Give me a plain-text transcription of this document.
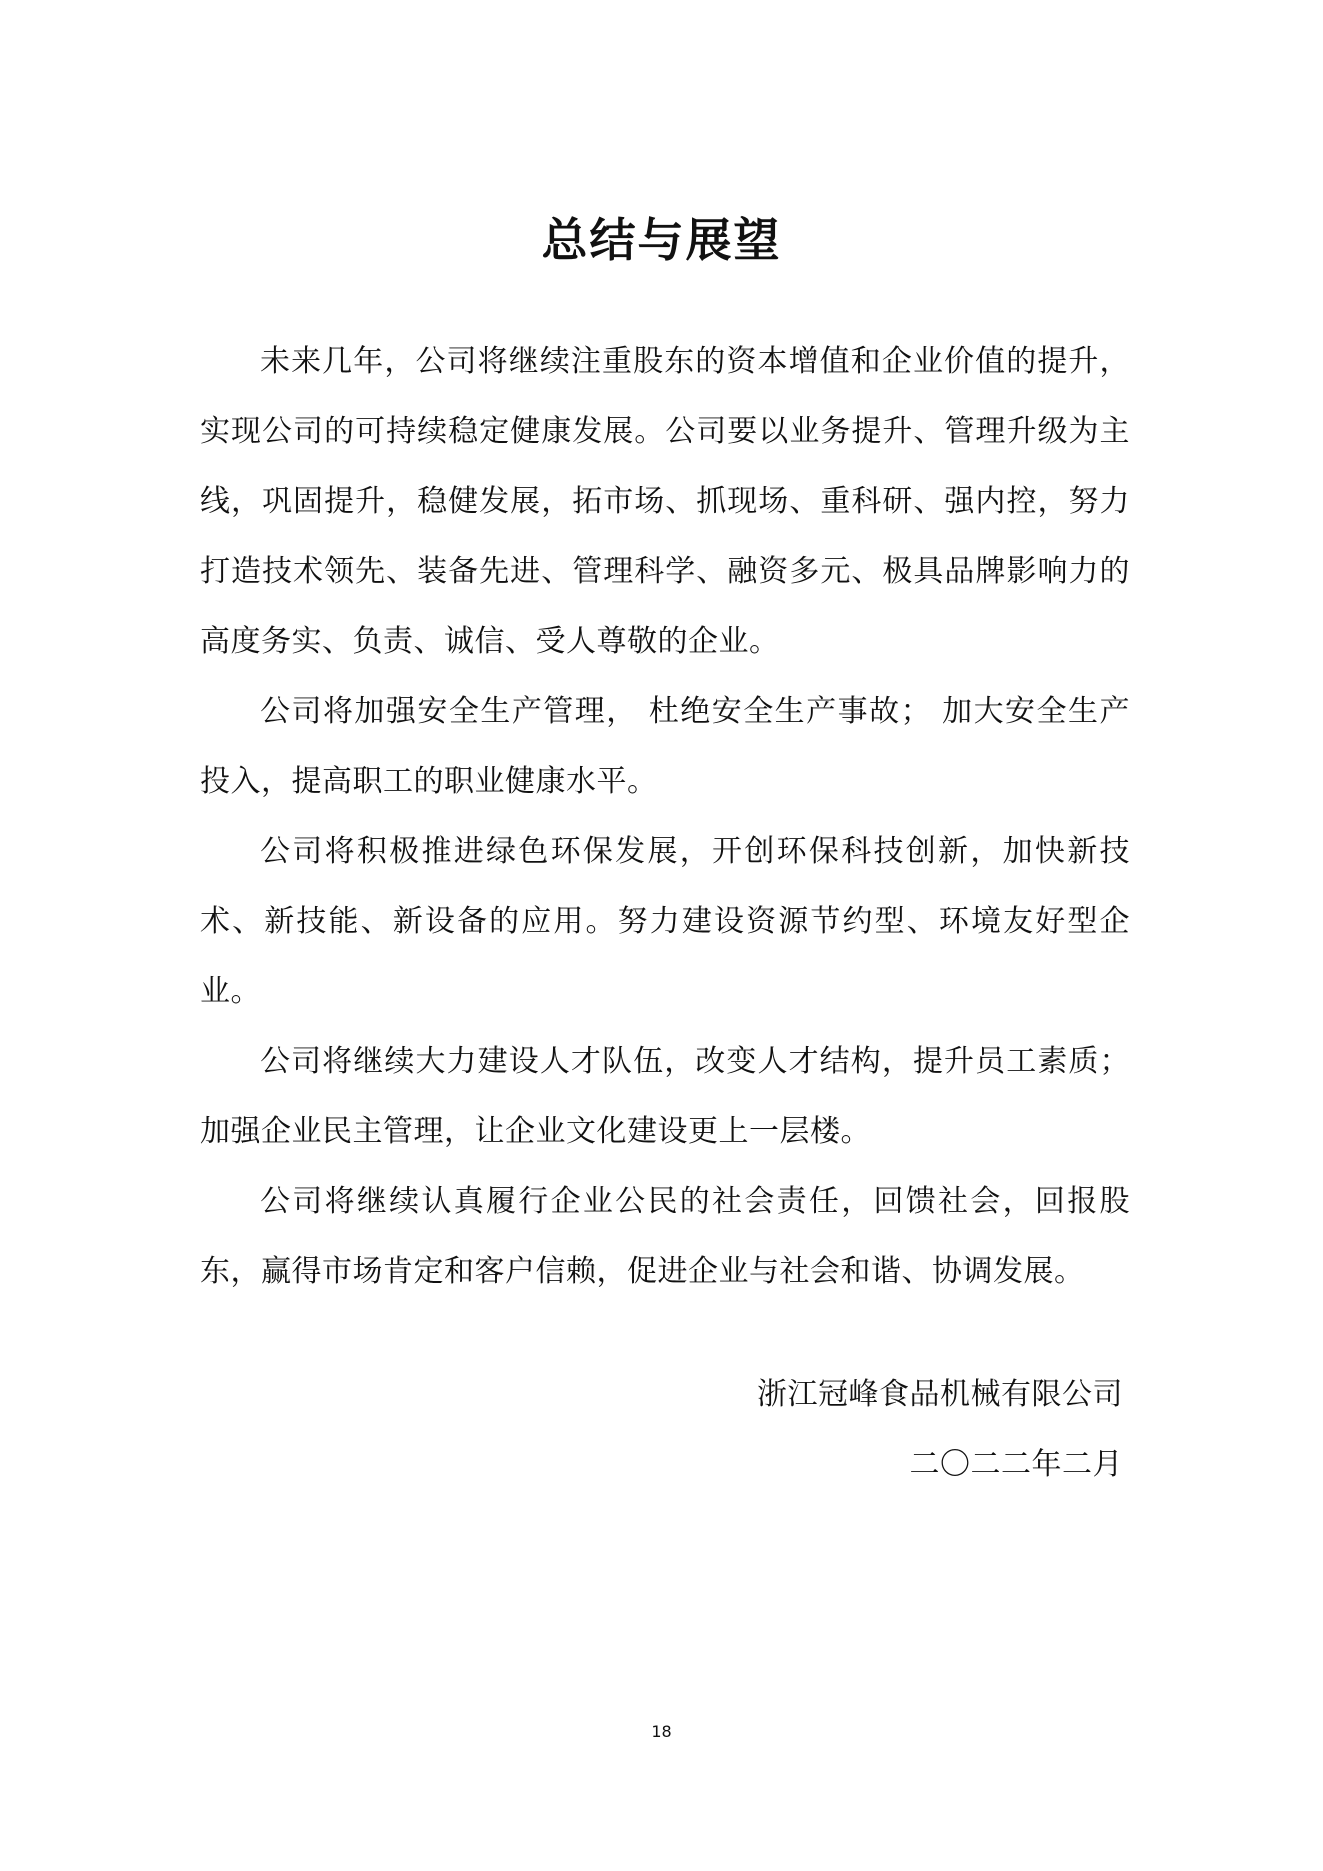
总结与展望

未来几年，公司将继续注重股东的资本增值和企业价值的提升，实现公司的可持续稳定健康发展。公司要以业务提升、管理升级为主线，巩固提升，稳健发展，拓市场、抓现场、重科研、强内控，努力打造技术领先、装备先进、管理科学、融资多元、极具品牌影响力的高度务实、负责、诚信、受人尊敬的企业。

公司将加强安全生产管理， 杜绝安全生产事故； 加大安全生产投入，提高职工的职业健康水平。

公司将积极推进绿色环保发展，开创环保科技创新，加快新技术、新技能、新设备的应用。努力建设资源节约型、环境友好型企业。

公司将继续大力建设人才队伍，改变人才结构，提升员工素质；加强企业民主管理，让企业文化建设更上一层楼。

公司将继续认真履行企业公民的社会责任，回馈社会，回报股东，赢得市场肯定和客户信赖，促进企业与社会和谐、协调发展。

浙江冠峰食品机械有限公司
二〇二二年二月
18
